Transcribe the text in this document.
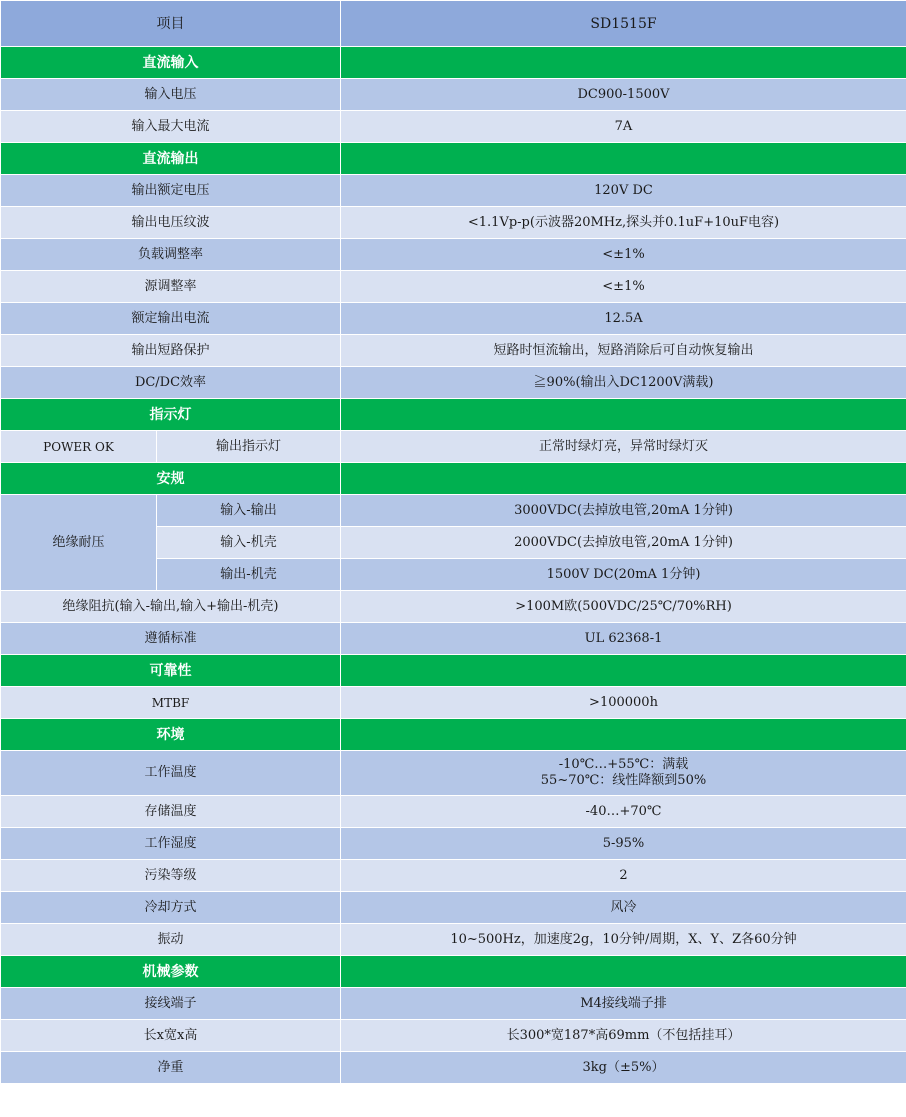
项目		SD1515F
直流输入		
输入电压		DC900-1500V
输入最大电流		7A
直流输出		
输出额定电压		120V DC
输出电压纹波		<1.1Vp-p(示波器20MHz,探头并0.1uF+10uF电容)
负载调整率		<±1%
源调整率		<±1%
额定输出电流		12.5A
输出短路保护		短路时恒流输出，短路消除后可自动恢复输出
DC/DC效率		≧90%(输出入DC1200V满载)
指示灯		
POWER OK	输出指示灯	正常时绿灯亮，异常时绿灯灭
安规		
绝缘耐压	输入-输出	3000VDC(去掉放电管,20mA 1分钟)
	输入-机壳	2000VDC(去掉放电管,20mA 1分钟)
	输出-机壳	1500V DC(20mA 1分钟)
绝缘阻抗(输入-输出,输入+输出-机壳)		>100M欧(500VDC/25℃/70%RH)
遵循标准		UL 62368-1
可靠性		
MTBF		>100000h
环境		
工作温度		-10℃…+55℃：满载
55~70℃：线性降额到50%

存储温度		-40…+70℃
工作湿度		5-95%
污染等级		2
冷却方式		风冷
振动		10~500Hz，加速度2g，10分钟/周期，X、Y、Z各60分钟
机械参数		
接线端子		M4接线端子排
长x宽x高		长300*宽187*高69mm（不包括挂耳）
净重		3kg（±5%）
